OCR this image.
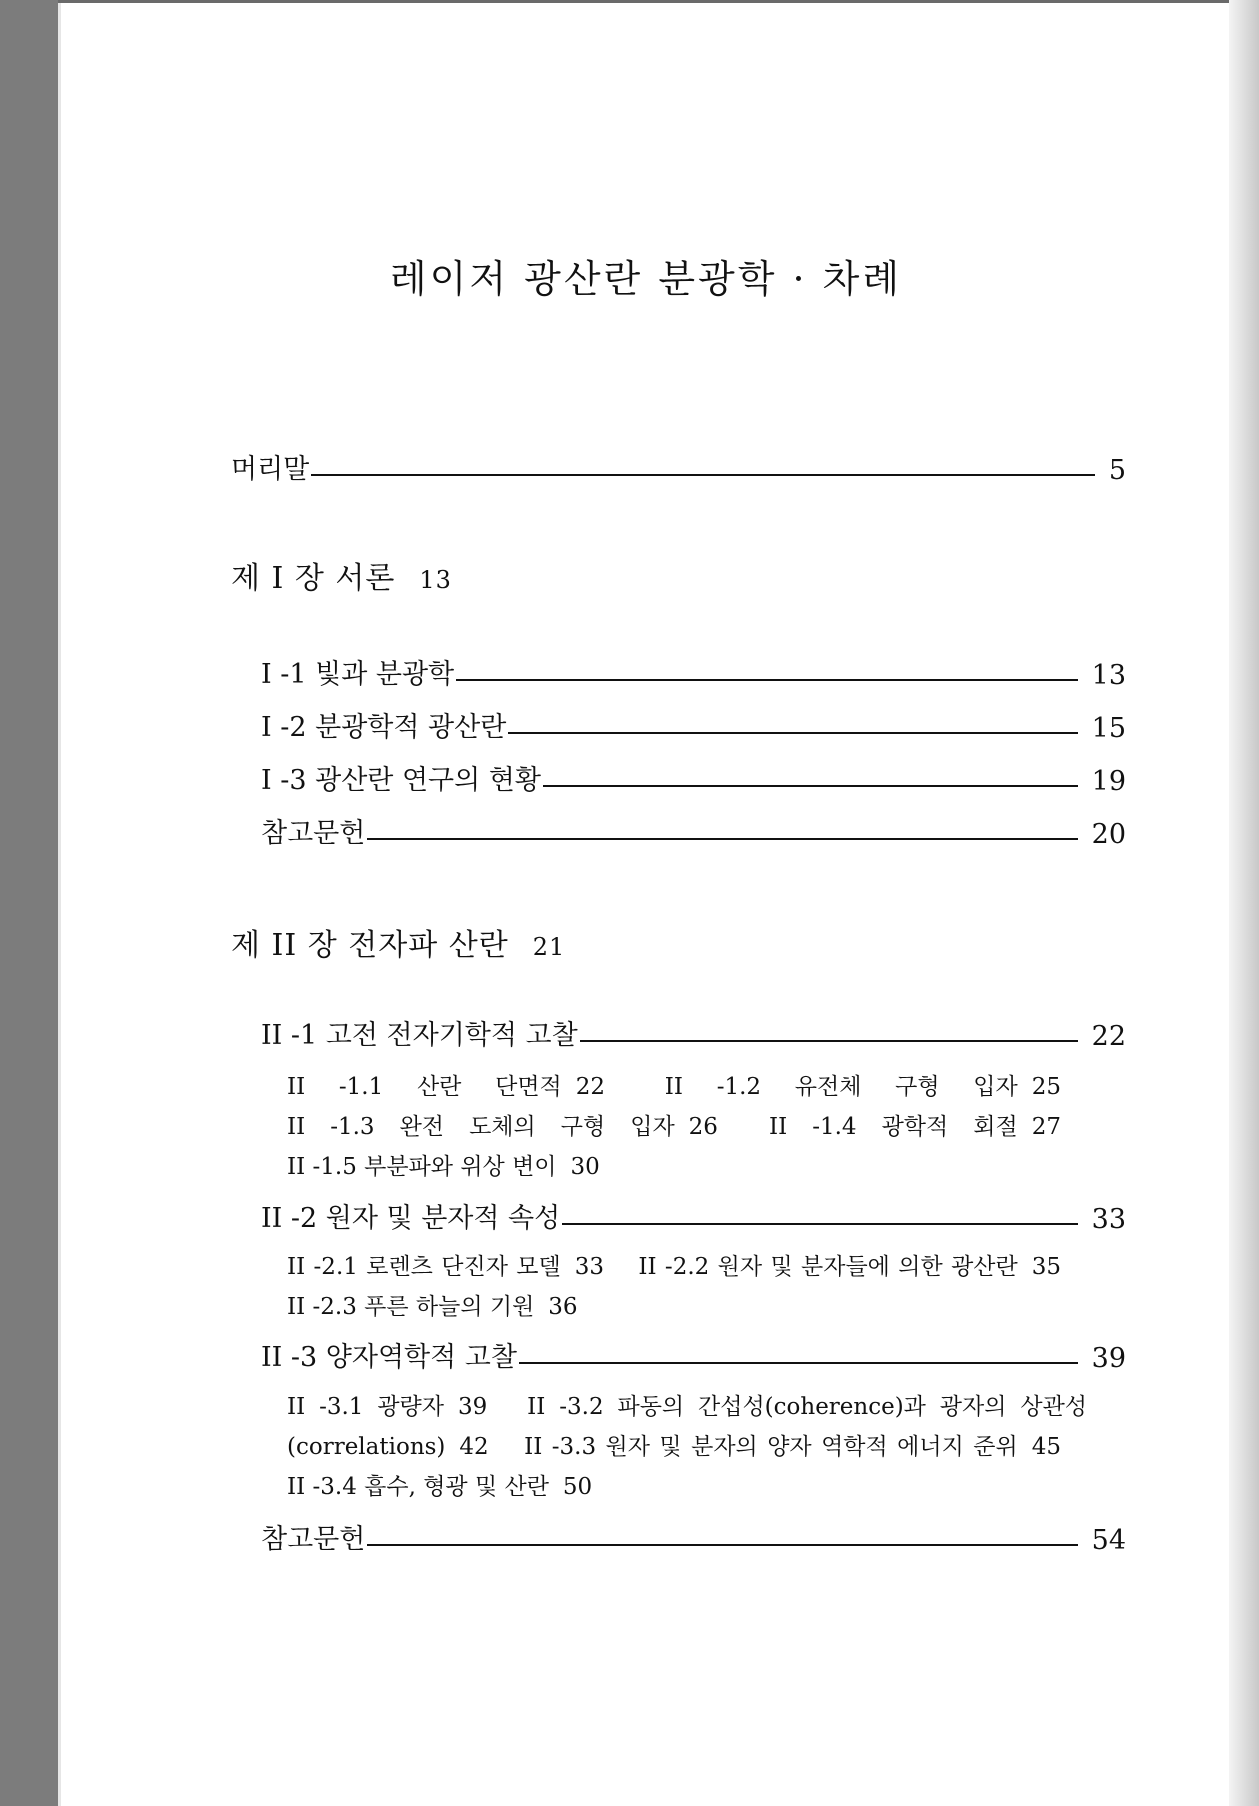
레이저 광산란 분광학 · 차례
머리말	5
제 I 장 서론 13
I -1 빛과 분광학	13
I -2 분광학적 광산란	15
I -3 광산란 연구의 현황	19
참고문헌	20
제 II 장 전자파 산란 21
II -1 고전 전자기학적 고찰	22
II -1.1 산란 단면적 22	II -1.2 유전체 구형 입자 25 II -1.3 완전 도체의 구형 입자 26 II -1.4 광학적 회절 27 II -1.5 부분파와 위상 변이 30
II -2 원자 및 분자적 속성	33
II -2.1 로렌츠 단진자 모델 33 II -2.2 원자 및 분자들에 의한 광산란 35 II -2.3 푸른 하늘의 기원 36
II -3 양자역학적 고찰	39
II -3.1 광량자 39 II -3.2 파동의 간섭성(coherence)과 광자의 상관성(correlations) 42 II -3.3 원자 및 분자의 양자 역학적 에너지 준위 45 II -3.4 흡수, 형광 및 산란 50
참고문헌	54
